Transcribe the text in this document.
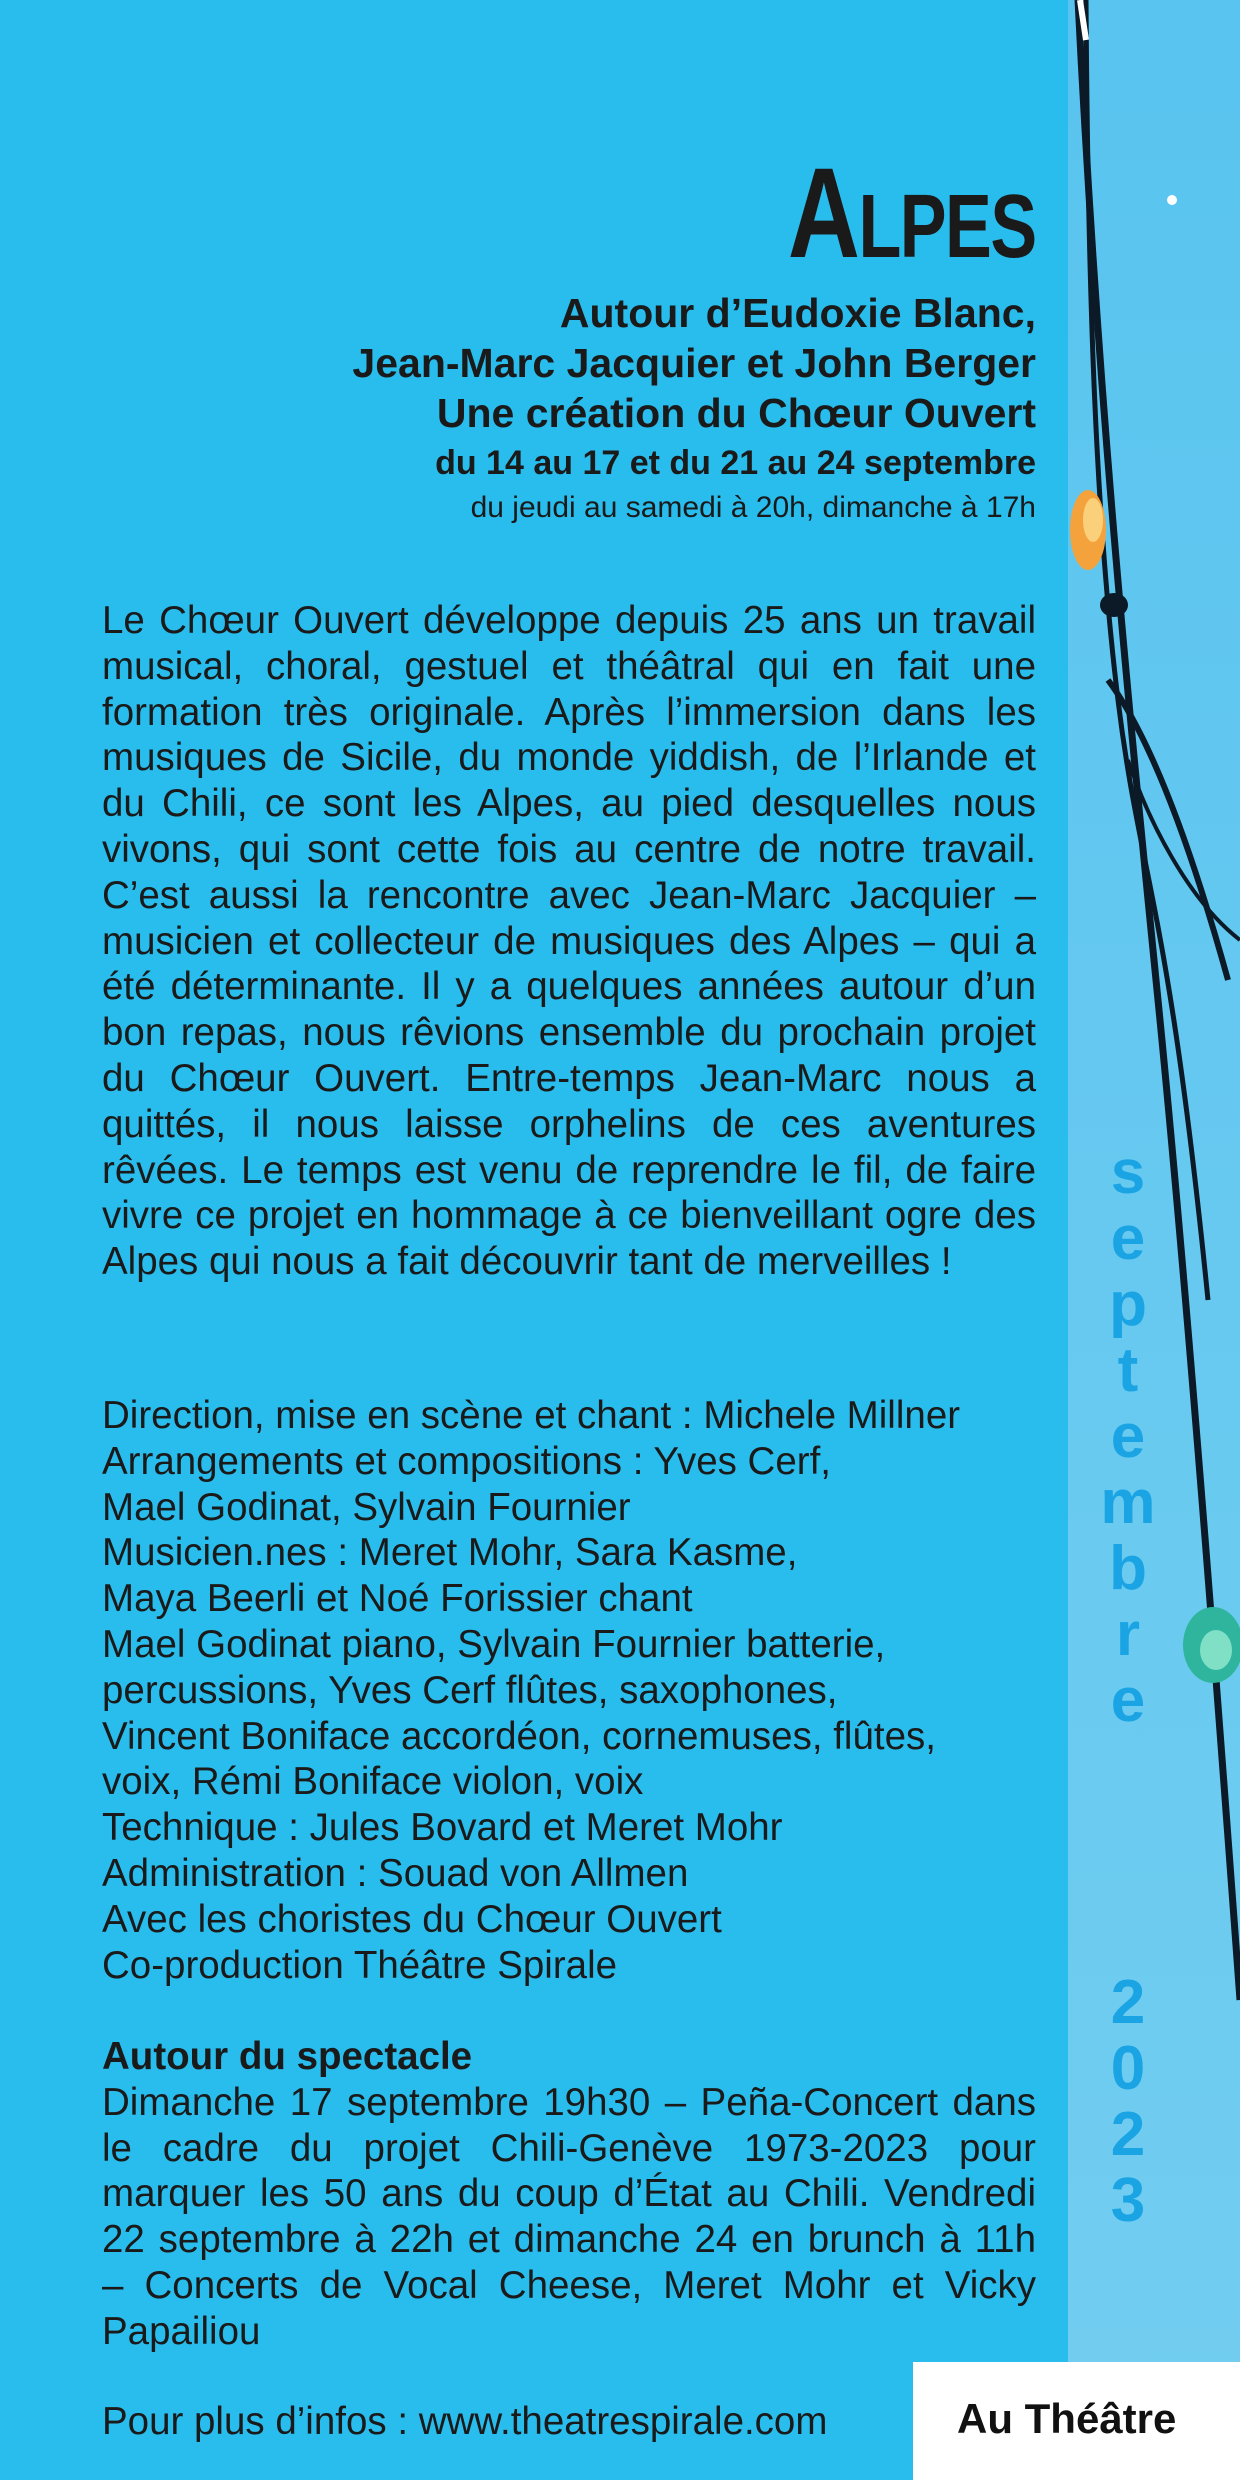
Alpes
Autour d’Eudoxie Blanc,
Jean-Marc Jacquier et John Berger
Une création du Chœur Ouvert
du 14 au 17 et du 21 au 24 septembre
du jeudi au samedi à 20h, dimanche à 17h
Le Chœur Ouvert développe depuis 25 ans un travail musical, choral, gestuel et théâtral qui en fait une formation très originale. Après l’immersion dans les musiques de Sicile, du monde yiddish, de l’Irlande et du Chili, ce sont les Alpes, au pied desquelles nous vivons, qui sont cette fois au centre de notre travail. C’est aussi la rencontre avec Jean-Marc Jacquier – musicien et collecteur de musiques des Alpes – qui a été déterminante. Il y a quelques années autour d’un bon repas, nous rêvions ensemble du prochain projet du Chœur Ouvert. Entre-temps Jean-Marc nous a quittés, il nous laisse orphelins de ces aventures rêvées. Le temps est venu de reprendre le fil, de faire vivre ce projet en hommage à ce bienveillant ogre des Alpes qui nous a fait découvrir tant de merveilles !
Direction, mise en scène et chant : Michele Millner
Arrangements et compositions : Yves Cerf,
Mael Godinat, Sylvain Fournier
Musicien.nes : Meret Mohr, Sara Kasme,
Maya Beerli et Noé Forissier chant
Mael Godinat piano, Sylvain Fournier batterie,
percussions, Yves Cerf flûtes, saxophones,
Vincent Boniface accordéon, cornemuses, flûtes,
voix, Rémi Boniface violon, voix
Technique : Jules Bovard et Meret Mohr
Administration : Souad von Allmen
Avec les choristes du Chœur Ouvert
Co-production Théâtre Spirale
Autour du spectacle
Dimanche 17 septembre 19h30 – Peña-Concert dans le cadre du projet Chili-Genève 1973-2023 pour marquer les 50 ans du coup d’État au Chili. Vendredi 22 septembre à 22h et dimanche 24 en brunch à 11h – Concerts de Vocal Cheese, Meret Mohr et Vicky Papailiou
Pour plus d’infos : www.theatrespirale.com	Au Théâtre
s
e
p
t
e
m
b
r
e
2
0
2
3
